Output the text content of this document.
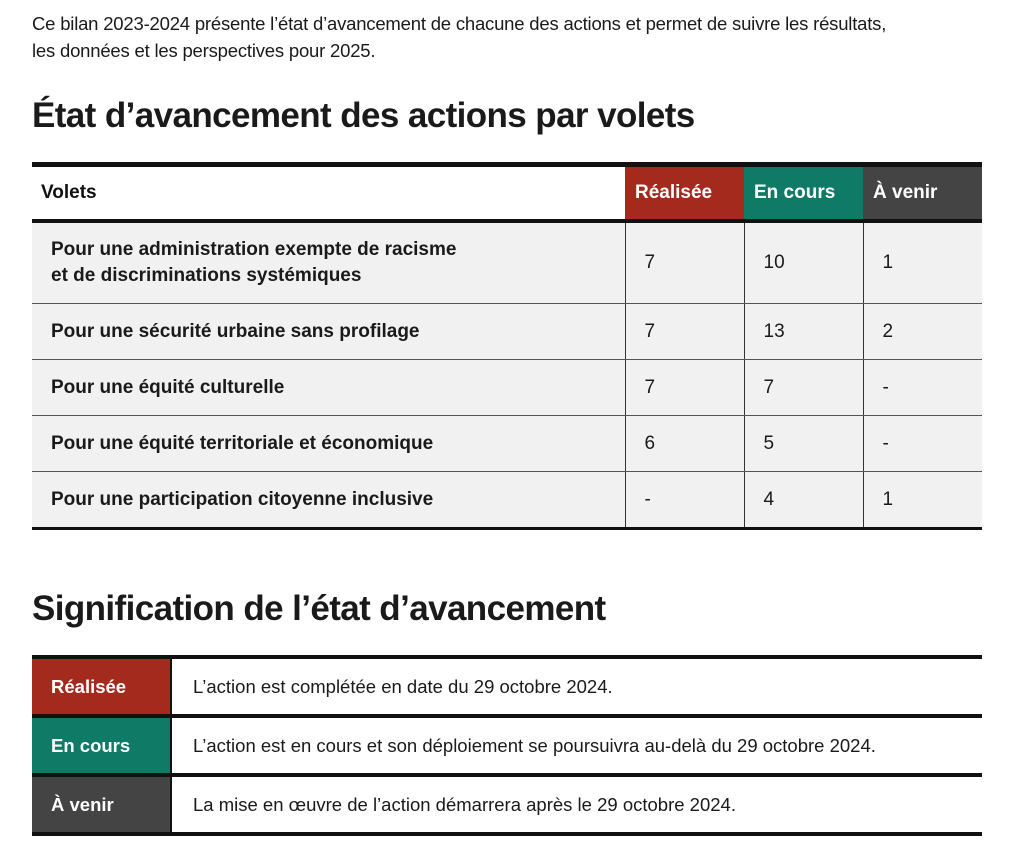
Ce bilan 2023-2024 présente l’état d’avancement de chacune des actions et permet de suivre les résultats,
les données et les perspectives pour 2025.
État d’avancement des actions par volets
Volets	Réalisée	En cours	À venir

Pour une administration exempte de racisme
et de discriminations systémiques	7	10	1
Pour une sécurité urbaine sans profilage	7	13	2
Pour une équité culturelle	7	7	-
Pour une équité territoriale et économique	6	5	-
Pour une participation citoyenne inclusive	-	4	1
Signification de l’état d’avancement
Réalisée	L’action est complétée en date du 29 octobre 2024.
En cours	L’action est en cours et son déploiement se poursuivra au-delà du 29 octobre 2024.
À venir	La mise en œuvre de l’action démarrera après le 29 octobre 2024.
